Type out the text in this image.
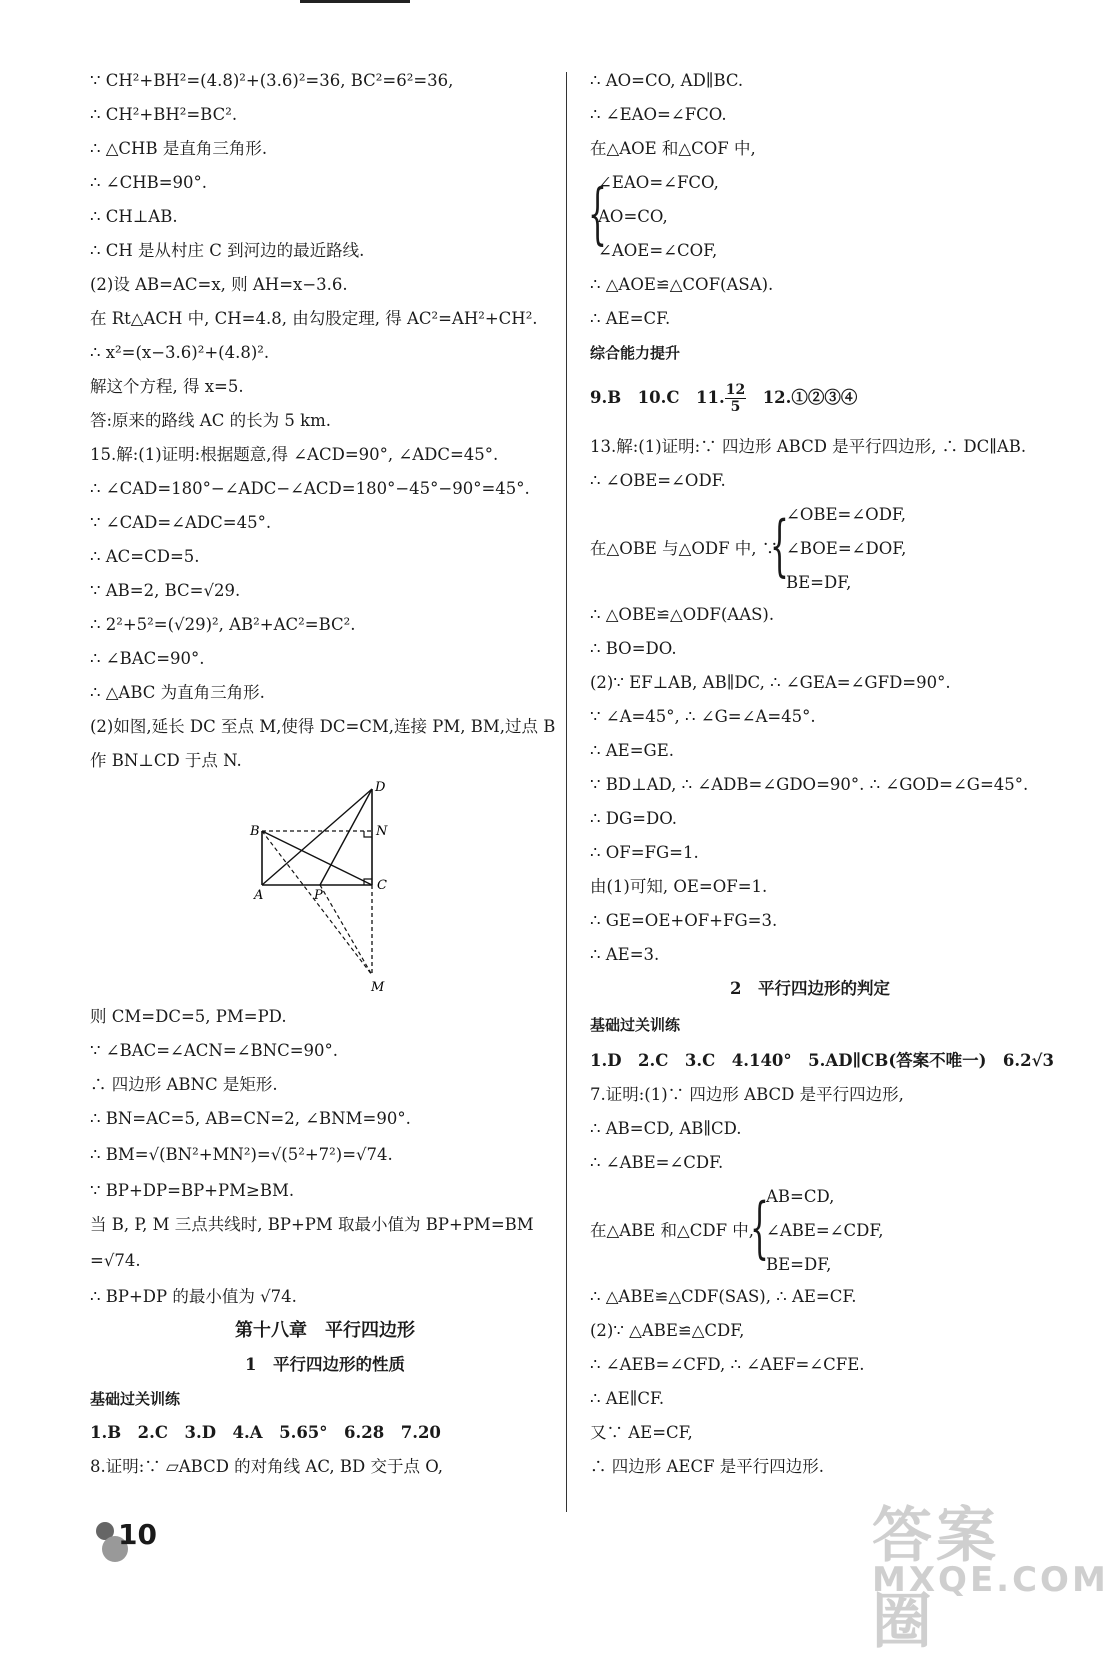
∵ CH²+BH²=(4.8)²+(3.6)²=36, BC²=6²=36,
∴ CH²+BH²=BC².
∴ △CHB 是直角三角形.
∴ ∠CHB=90°.
∴ CH⊥AB.
∴ CH 是从村庄 C 到河边的最近路线.
(2)设 AB=AC=x, 则 AH=x−3.6.
在 Rt△ACH 中, CH=4.8, 由勾股定理, 得 AC²=AH²+CH².
∴ x²=(x−3.6)²+(4.8)².
解这个方程, 得 x=5.
答:原来的路线 AC 的长为 5 km.
15.解:(1)证明:根据题意,得 ∠ACD=90°, ∠ADC=45°.
∴ ∠CAD=180°−∠ADC−∠ACD=180°−45°−90°=45°.
∵ ∠CAD=∠ADC=45°.
∴ AC=CD=5.
∵ AB=2, BC=√29.
∴ 2²+5²=(√29)², AB²+AC²=BC².
∴ ∠BAC=90°.
∴ △ABC 为直角三角形.
(2)如图,延长 DC 至点 M,使得 DC=CM,连接 PM, BM,过点 B
作 BN⊥CD 于点 N.
B	N
D
A	P
C
M
则 CM=DC=5, PM=PD.
∵ ∠BAC=∠ACN=∠BNC=90°.
∴ 四边形 ABNC 是矩形.
∴ BN=AC=5, AB=CN=2, ∠BNM=90°.
∴ BM=√(BN²+MN²)=√(5²+7²)=√74.
∵ BP+DP=BP+PM≥BM.
当 B, P, M 三点共线时, BP+PM 取最小值为 BP+PM=BM
=√74.
∴ BP+DP 的最小值为 √74.
第十八章　平行四边形
1　平行四边形的性质
基础过关训练
1.B　2.C　3.D　4.A　5.65°　6.28　7.20
8.证明:∵ ▱ABCD 的对角线 AC, BD 交于点 O,
∴ AO=CO, AD∥BC.
∴ ∠EAO=∠FCO.
在△AOE 和△COF 中,
{
∠EAO=∠FCO,
AO=CO,
∠AOE=∠COF,
∴ △AOE≌△COF(ASA).
∴ AE=CF.
综合能力提升
9.B　10.C　11. $\frac{12}{5}$ 　12.①②③④
13.解:(1)证明:∵ 四边形 ABCD 是平行四边形, ∴ DC∥AB.
∴ ∠OBE=∠ODF.
在△OBE 与△ODF 中, ∵
{
∠OBE=∠ODF,
∠BOE=∠DOF,
BE=DF,
∴ △OBE≌△ODF(AAS).
∴ BO=DO.
(2)∵ EF⊥AB, AB∥DC, ∴ ∠GEA=∠GFD=90°.
∵ ∠A=45°, ∴ ∠G=∠A=45°.
∴ AE=GE.
∵ BD⊥AD, ∴ ∠ADB=∠GDO=90°. ∴ ∠GOD=∠G=45°.
∴ DG=DO.
∴ OF=FG=1.
由(1)可知, OE=OF=1.
∴ GE=OE+OF+FG=3.
∴ AE=3.
2　平行四边形的判定
基础过关训练
1.D　2.C　3.C　4.140°　5.AD∥CB(答案不唯一)　6.2√3
7.证明:(1)∵ 四边形 ABCD 是平行四边形,
∴ AB=CD, AB∥CD.
∴ ∠ABE=∠CDF.
在△ABE 和△CDF 中,
{
AB=CD,
∠ABE=∠CDF,
BE=DF,
∴ △ABE≌△CDF(SAS), ∴ AE=CF.
(2)∵ △ABE≌△CDF,
∴ ∠AEB=∠CFD, ∴ ∠AEF=∠CFE.
∴ AE∥CF.
又∵ AE=CF,
∴ 四边形 AECF 是平行四边形.
10	答案圈
MXQE.COM
